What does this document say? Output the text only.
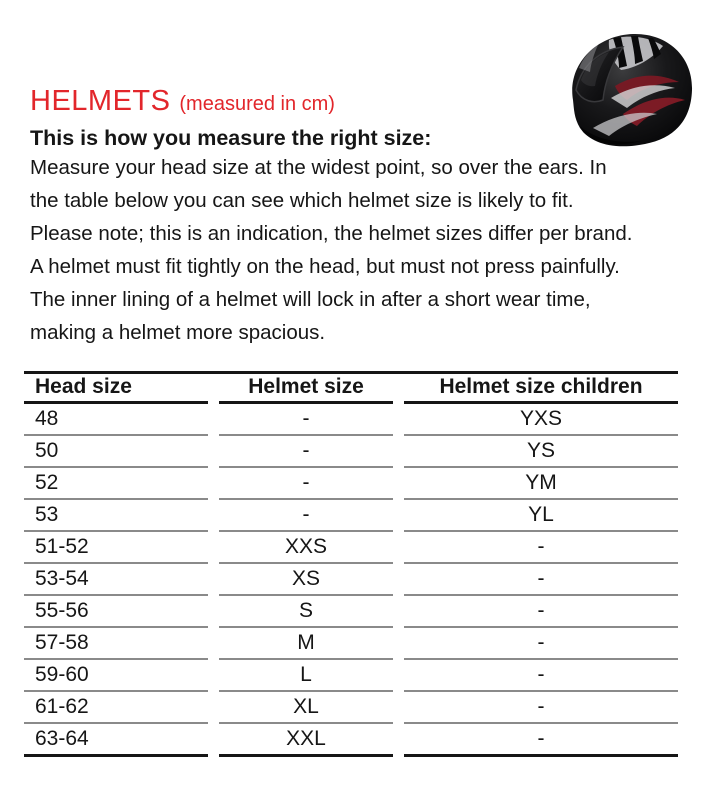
HELMETS (measured in cm)
This is how you measure the right size:
Measure your head size at the widest point, so over the ears. In
the table below you can see which helmet size is likely to fit.
Please note; this is an indication, the helmet sizes differ per brand.
A helmet must fit tightly on the head, but must not press painfully.
The inner lining of a helmet will lock in after a short wear time,
making a helmet more spacious.
Head size	Helmet size	Helmet size children
48	-	YXS
50	-	YS
52	-	YM
53	-	YL
51-52	XXS	-
53-54	XS	-
55-56	S	-
57-58	M	-
59-60	L	-
61-62	XL	-
63-64	XXL	-
